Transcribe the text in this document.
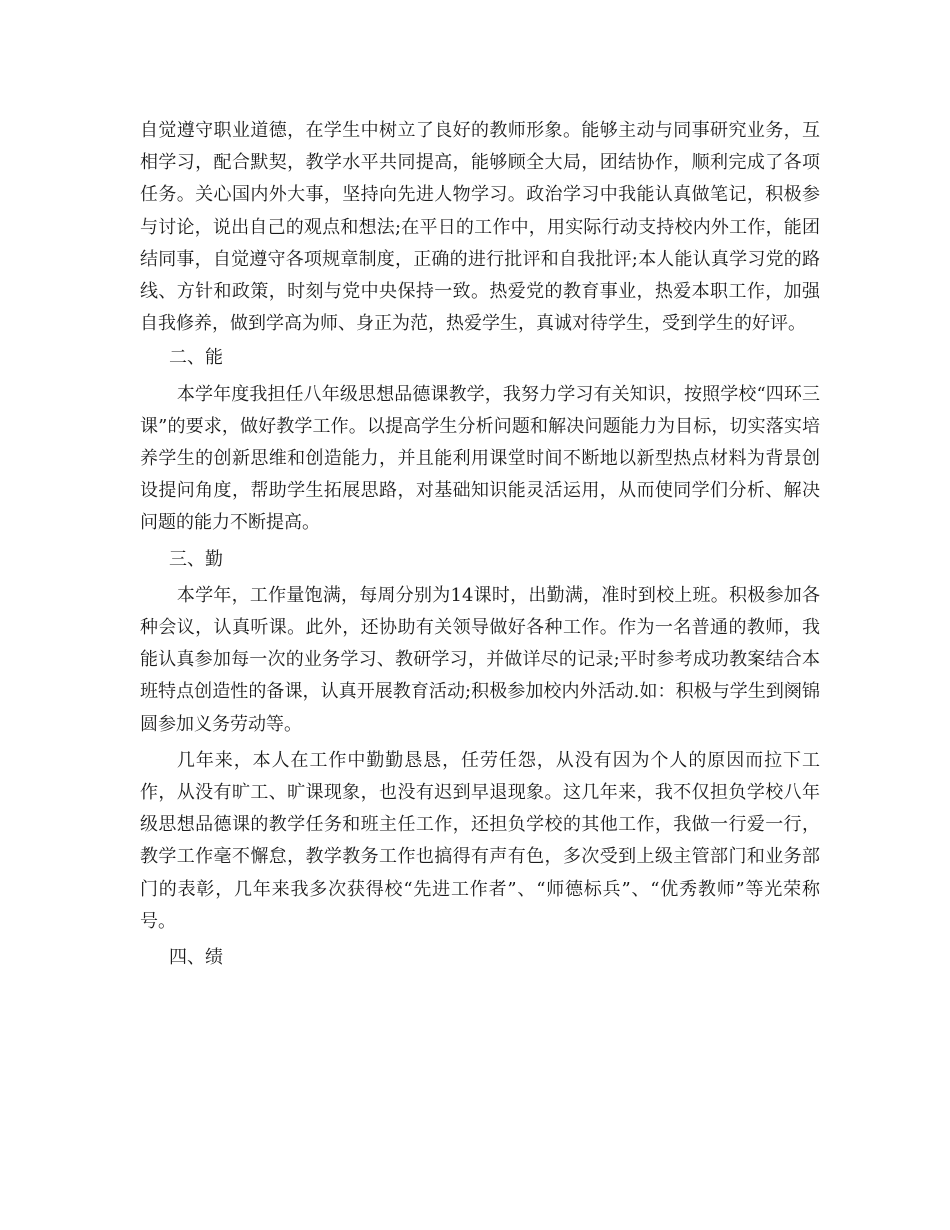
自觉遵守职业道德，在学生中树立了良好的教师形象。能够主动与同事研究业务，互相学习，配合默契，教学水平共同提高，能够顾全大局，团结协作，顺利完成了各项任务。关心国内外大事，坚持向先进人物学习。政治学习中我能认真做笔记，积极参与讨论，说出自己的观点和想法;在平日的工作中，用实际行动支持校内外工作，能团结同事，自觉遵守各项规章制度，正确的进行批评和自我批评;本人能认真学习党的路线、方针和政策，时刻与党中央保持一致。热爱党的教育事业，热爱本职工作，加强自我修养，做到学高为师、身正为范，热爱学生，真诚对待学生，受到学生的好评。

二、能

本学年度我担任八年级思想品德课教学，我努力学习有关知识，按照学校“四环三课”的要求，做好教学工作。以提高学生分析问题和解决问题能力为目标，切实落实培养学生的创新思维和创造能力，并且能利用课堂时间不断地以新型热点材料为背景创设提问角度，帮助学生拓展思路，对基础知识能灵活运用，从而使同学们分析、解决问题的能力不断提高。

三、勤

本学年，工作量饱满，每周分别为14课时，出勤满，准时到校上班。积极参加各种会议，认真听课。此外，还协助有关领导做好各种工作。作为一名普通的教师，我能认真参加每一次的业务学习、教研学习，并做详尽的记录;平时参考成功教案结合本班特点创造性的备课，认真开展教育活动;积极参加校内外活动.如：积极与学生到阕锦圆参加义务劳动等。

几年来，本人在工作中勤勤恳恳，任劳任怨，从没有因为个人的原因而拉下工作，从没有旷工、旷课现象，也没有迟到早退现象。这几年来，我不仅担负学校八年级思想品德课的教学任务和班主任工作，还担负学校的其他工作，我做一行爱一行，教学工作毫不懈怠，教学教务工作也搞得有声有色，多次受到上级主管部门和业务部门的表彰，几年来我多次获得校“先进工作者”、“师德标兵”、“优秀教师”等光荣称号。

四、绩
